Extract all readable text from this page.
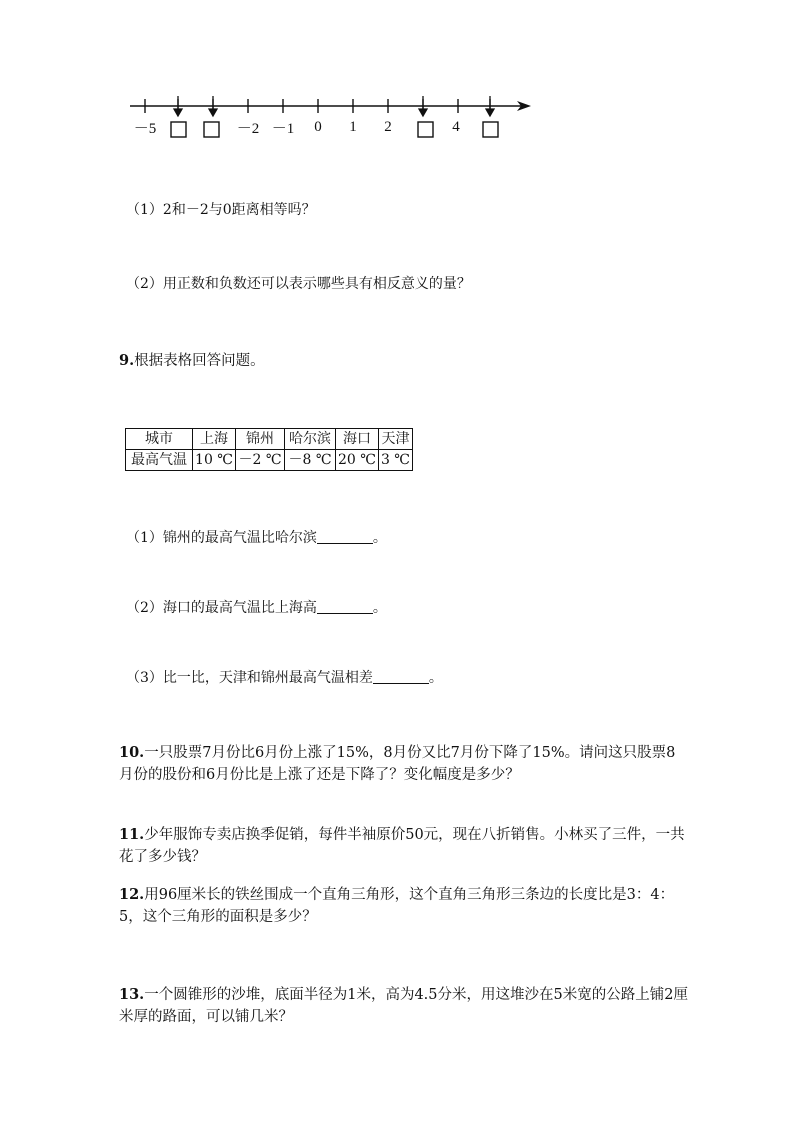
－5	－2 －1 0 1 2	4
（1）2和－2与0距离相等吗？
（2）用正数和负数还可以表示哪些具有相反意义的量？
9.根据表格回答问题。
城市	上海	锦州	哈尔滨	海口	天津
最高气温	10 ℃	－2 ℃	－8 ℃	20 ℃	3 ℃
（1）锦州的最高气温比哈尔滨	。
（2）海口的最高气温比上海高	。
（3）比一比，天津和锦州最高气温相差	。
10.一只股票7月份比6月份上涨了15%，8月份又比7月份下降了15%。请问这只股票8月份的股份和6月份比是上涨了还是下降了？变化幅度是多少？
11.少年服饰专卖店换季促销，每件半袖原价50元，现在八折销售。小林买了三件，一共花了多少钱？
12.用96厘米长的铁丝围成一个直角三角形，这个直角三角形三条边的长度比是3：4：5，这个三角形的面积是多少？
13.一个圆锥形的沙堆，底面半径为1米，高为4.5分米，用这堆沙在5米宽的公路上铺2厘米厚的路面，可以铺几米？
